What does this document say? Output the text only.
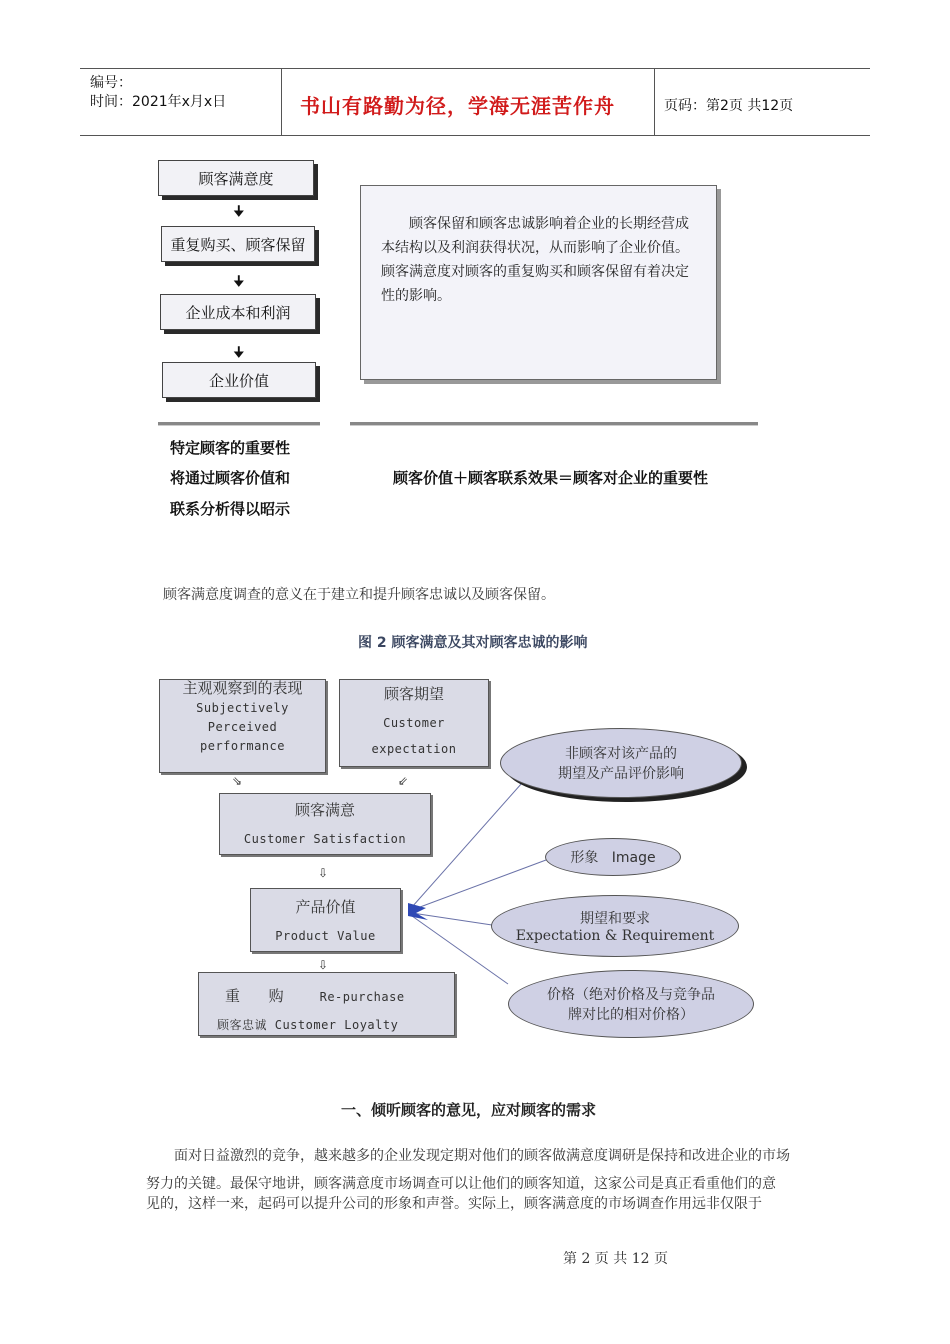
编号：
时间：2021年x月x日	书山有路勤为径，学海无涯苦作舟	页码：第2页 共12页
顾客满意度
🠋
重复购买、顾客保留
🠋
企业成本和利润
🠋
企业价值
顾客保留和顾客忠诚影响着企业的长期经营成本结构以及利润获得状况，从而影响了企业价值。顾客满意度对顾客的重复购买和顾客保留有着决定性的影响。
特定顾客的重要性
将通过顾客价值和
联系分析得以昭示
顾客价值＋顾客联系效果＝顾客对企业的重要性
顾客满意度调查的意义在于建立和提升顾客忠诚以及顾客保留。
图 2 顾客满意及其对顾客忠诚的影响
主观观察到的表现
Subjectively
Perceived
performance
顾客期望
Customer
expectation
⇘	⇙
顾客满意
Customer Satisfaction
⇩
产品价值
Product Value
⇩
重      购	Re-purchase
顾客忠诚 Customer Loyalty
非顾客对该产品的
期望及产品评价影响
形象   Image
期望和要求
Expectation & Requirement
价格（绝对价格及与竞争品
牌对比的相对价格）
一、倾听顾客的意见，应对顾客的需求
面对日益激烈的竞争，越来越多的企业发现定期对他们的顾客做满意度调研是保持和改进企业的市场
努力的关键。最保守地讲，顾客满意度市场调查可以让他们的顾客知道，这家公司是真正看重他们的意
见的，这样一来，起码可以提升公司的形象和声誉。实际上，顾客满意度的市场调查作用远非仅限于
第 2 页 共 12 页
